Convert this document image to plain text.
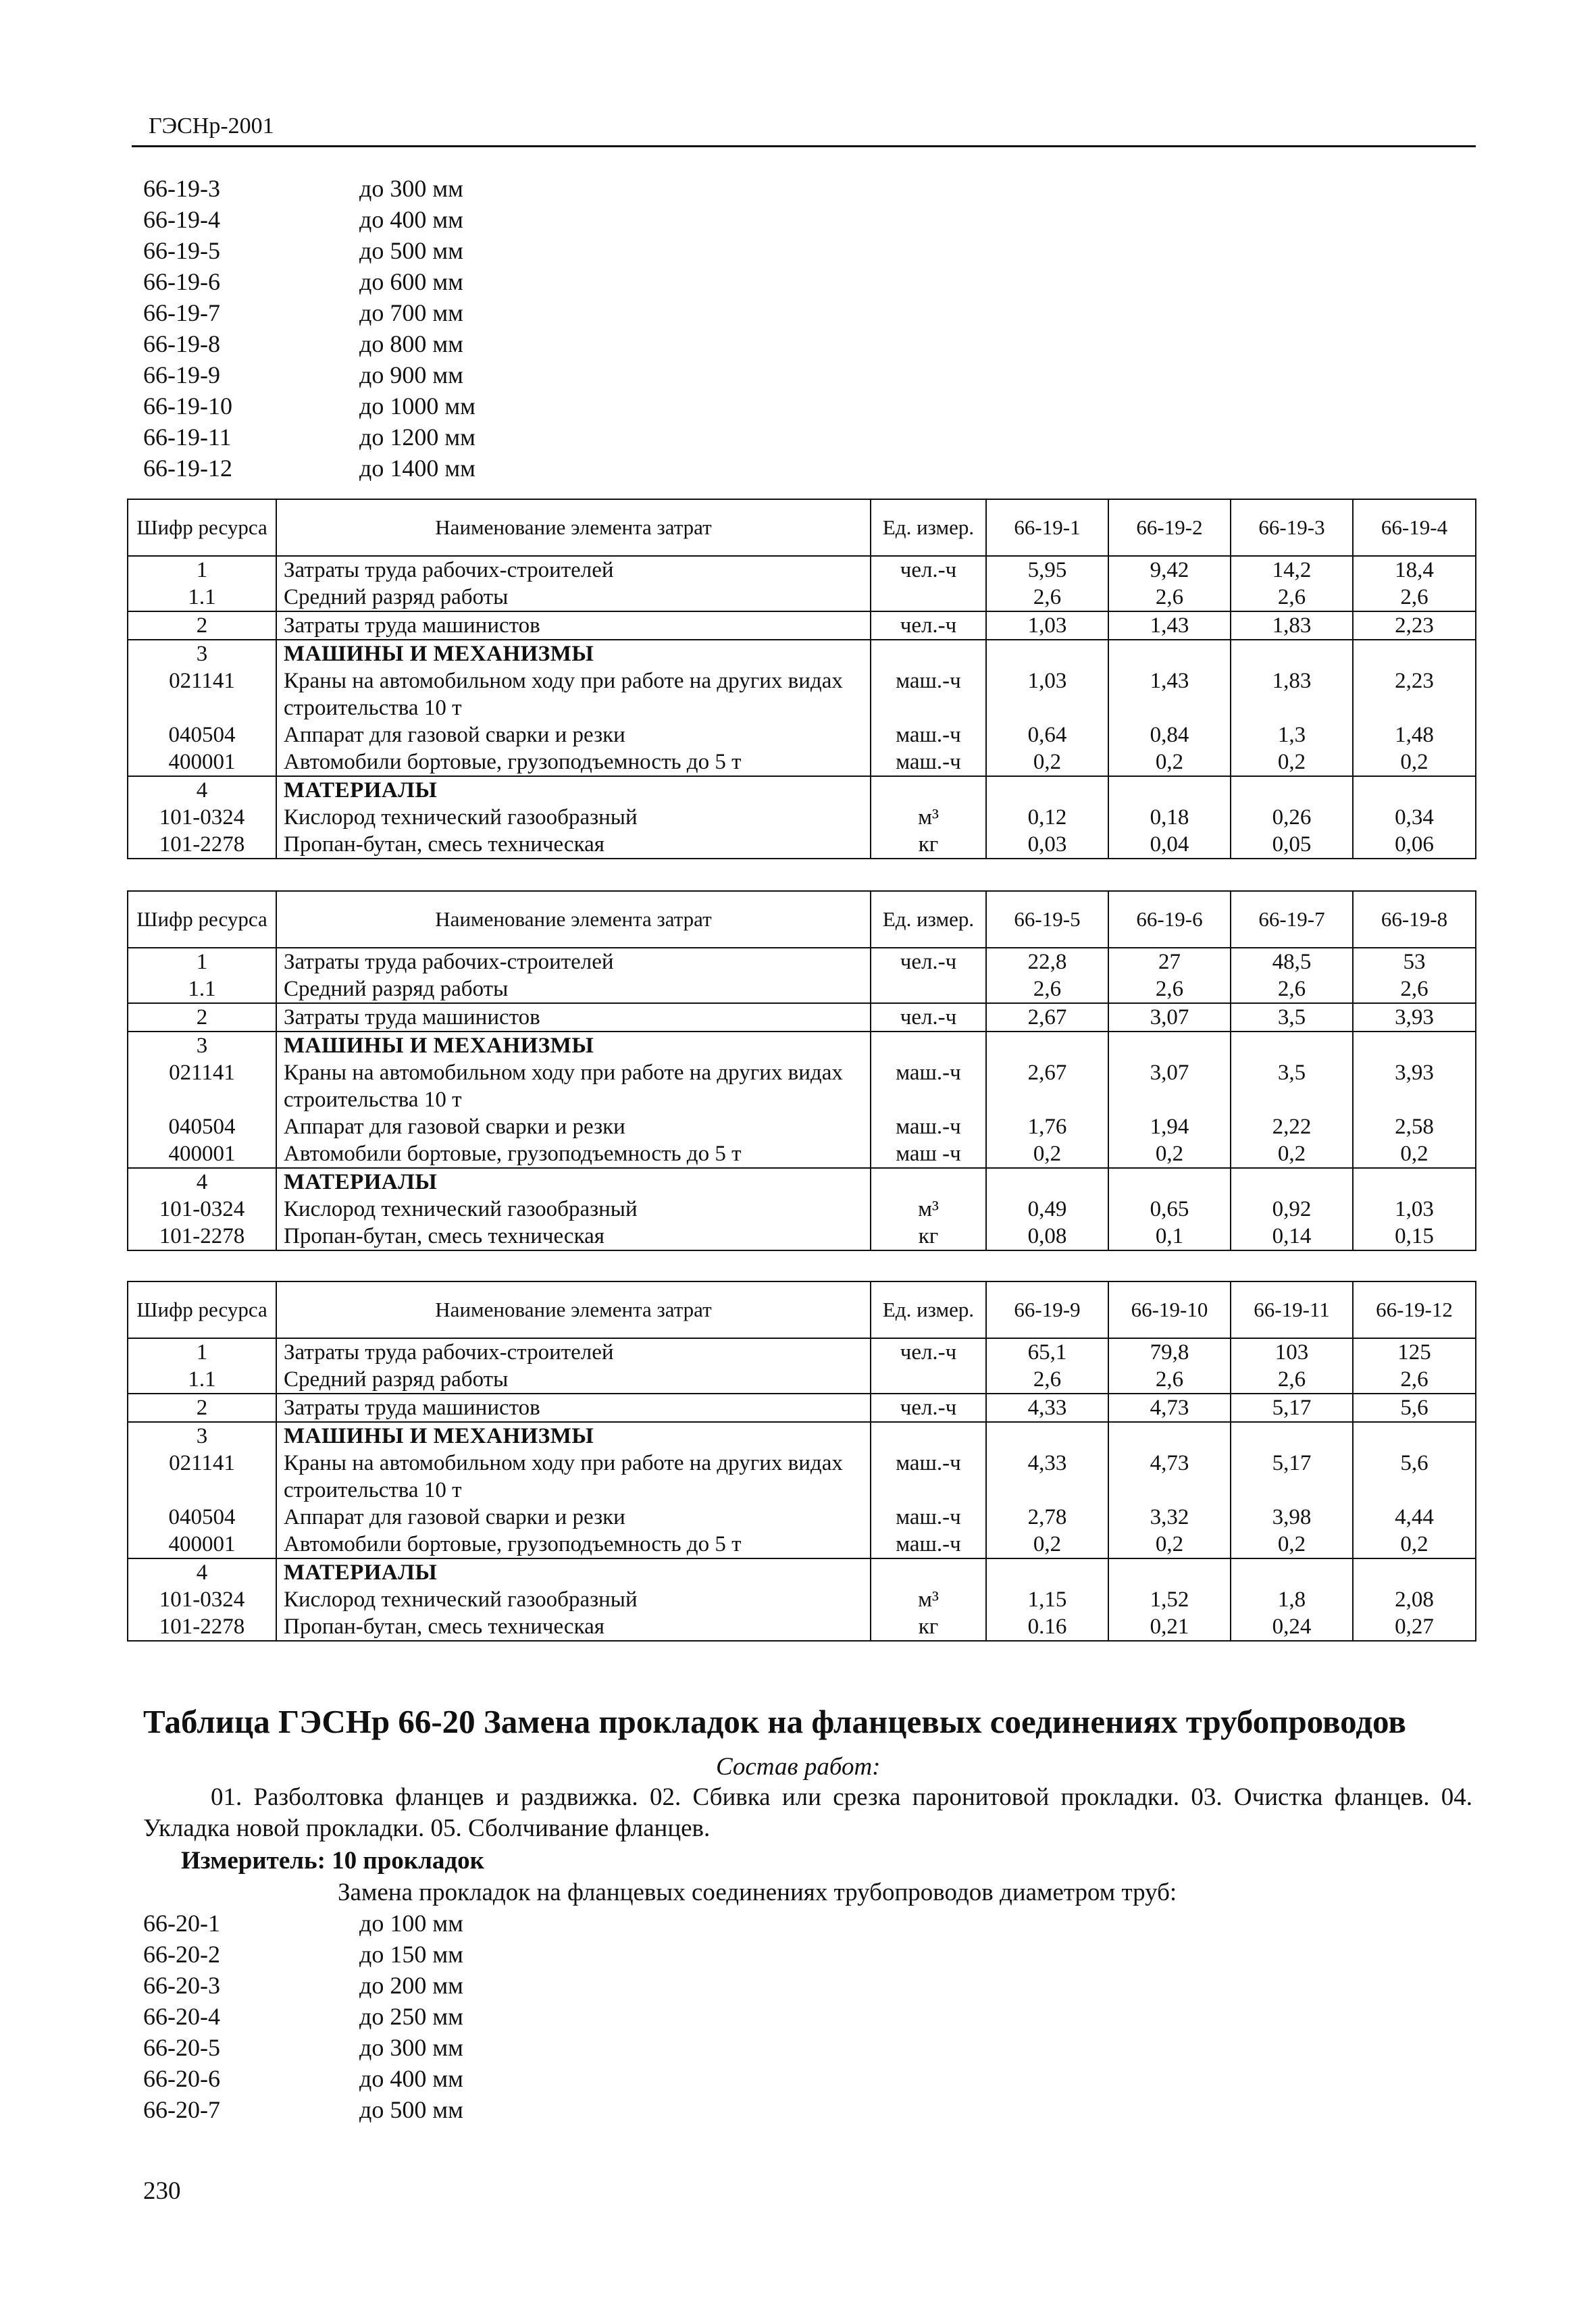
ГЭСНр-2001
66-19-3	до 300 мм
66-19-4	до 400 мм
66-19-5	до 500 мм
66-19-6	до 600 мм
66-19-7	до 700 мм
66-19-8	до 800 мм
66-19-9	до 900 мм
66-19-10	до 1000 мм
66-19-11	до 1200 мм
66-19-12	до 1400 мм
Шифр ресурса	Наименование элемента затрат	Ед. измер.	66-19-1	66-19-2	66-19-3	66-19-4
1	Затраты труда рабочих-строителей	чел.-ч	5,95	9,42	14,2	18,4
1.1	Средний разряд работы		2,6	2,6	2,6	2,6
2	Затраты труда машинистов	чел.-ч	1,03	1,43	1,83	2,23
3	МАШИНЫ И МЕХАНИЗМЫ					
021141	Краны на автомобильном ходу при работе на других видах строительства 10 т	маш.-ч	1,03	1,43	1,83	2,23
040504	Аппарат для газовой сварки и резки	маш.-ч	0,64	0,84	1,3	1,48
400001	Автомобили бортовые, грузоподъемность до 5 т	маш.-ч	0,2	0,2	0,2	0,2
4	МАТЕРИАЛЫ					
101-0324	Кислород технический газообразный	м³	0,12	0,18	0,26	0,34
101-2278	Пропан-бутан, смесь техническая	кг	0,03	0,04	0,05	0,06
Шифр ресурса	Наименование элемента затрат	Ед. измер.	66-19-5	66-19-6	66-19-7	66-19-8
1	Затраты труда рабочих-строителей	чел.-ч	22,8	27	48,5	53
1.1	Средний разряд работы		2,6	2,6	2,6	2,6
2	Затраты труда машинистов	чел.-ч	2,67	3,07	3,5	3,93
3	МАШИНЫ И МЕХАНИЗМЫ					
021141	Краны на автомобильном ходу при работе на других видах строительства 10 т	маш.-ч	2,67	3,07	3,5	3,93
040504	Аппарат для газовой сварки и резки	маш.-ч	1,76	1,94	2,22	2,58
400001	Автомобили бортовые, грузоподъемность до 5 т	маш -ч	0,2	0,2	0,2	0,2
4	МАТЕРИАЛЫ					
101-0324	Кислород технический газообразный	м³	0,49	0,65	0,92	1,03
101-2278	Пропан-бутан, смесь техническая	кг	0,08	0,1	0,14	0,15
Шифр ресурса	Наименование элемента затрат	Ед. измер.	66-19-9	66-19-10	66-19-11	66-19-12
1	Затраты труда рабочих-строителей	чел.-ч	65,1	79,8	103	125
1.1	Средний разряд работы		2,6	2,6	2,6	2,6
2	Затраты труда машинистов	чел.-ч	4,33	4,73	5,17	5,6
3	МАШИНЫ И МЕХАНИЗМЫ					
021141	Краны на автомобильном ходу при работе на других видах строительства 10 т	маш.-ч	4,33	4,73	5,17	5,6
040504	Аппарат для газовой сварки и резки	маш.-ч	2,78	3,32	3,98	4,44
400001	Автомобили бортовые, грузоподъемность до 5 т	маш.-ч	0,2	0,2	0,2	0,2
4	МАТЕРИАЛЫ					
101-0324	Кислород технический газообразный	м³	1,15	1,52	1,8	2,08
101-2278	Пропан-бутан, смесь техническая	кг	0.16	0,21	0,24	0,27
Таблица ГЭСНр 66-20 Замена прокладок на фланцевых соединениях трубопроводов
Состав работ:
01. Разболтовка фланцев и раздвижка. 02. Сбивка или срезка паронитовой прокладки. 03. Очистка фланцев. 04. Укладка новой прокладки. 05. Сболчивание фланцев.
Измеритель: 10 прокладок
Замена прокладок на фланцевых соединениях трубопроводов диаметром труб:
66-20-1	до 100 мм
66-20-2	до 150 мм
66-20-3	до 200 мм
66-20-4	до 250 мм
66-20-5	до 300 мм
66-20-6	до 400 мм
66-20-7	до 500 мм
230
